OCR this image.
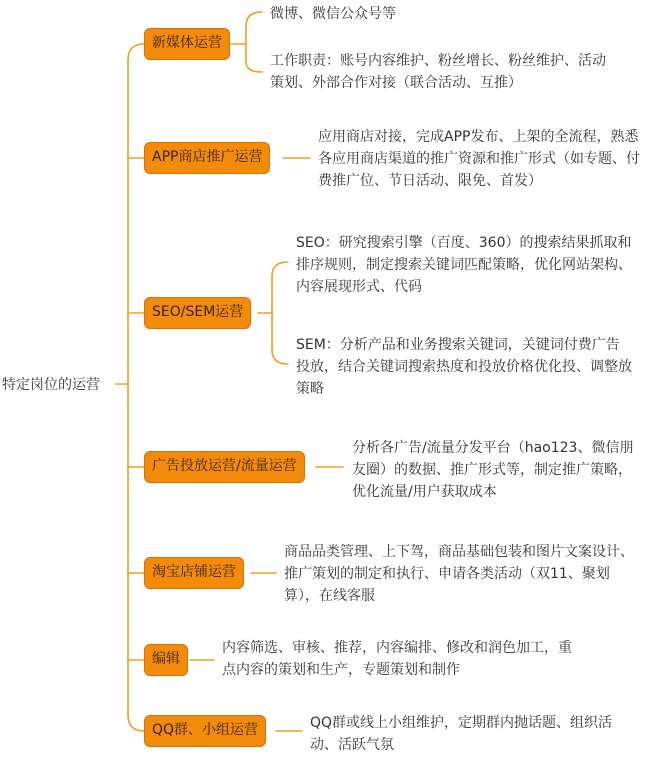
特定岗位的运营
新媒体运营
微博、微信公众号等
工作职责：账号内容维护、粉丝增长、粉丝维护、活动策划、外部合作对接（联合活动、互推）
APP商店推广运营
应用商店对接，完成APP发布、上架的全流程，熟悉各应用商店渠道的推广资源和推广形式（如专题、付费推广位、节日活动、限免、首发）
SEO/SEM运营
SEO：研究搜索引擎（百度、360）的搜索结果抓取和排序规则，制定搜索关键词匹配策略，优化网站架构、内容展现形式、代码
SEM：分析产品和业务搜索关键词，关键词付费广告投放，结合关键词搜索热度和投放价格优化投、调整放策略
广告投放运营/流量运营
分析各广告/流量分发平台（hao123、微信朋友圈）的数据、推广形式等，制定推广策略，优化流量/用户获取成本
淘宝店铺运营
商品品类管理、上下驾，商品基础包装和图片文案设计、推广策划的制定和执行、申请各类活动（双11、聚划算），在线客服
编辑
内容筛选、审核、推荐，内容编排、修改和润色加工，重点内容的策划和生产，专题策划和制作
QQ群、小组运营	QQ群或线上小组维护，定期群内抛话题、组织活动、活跃气氛
